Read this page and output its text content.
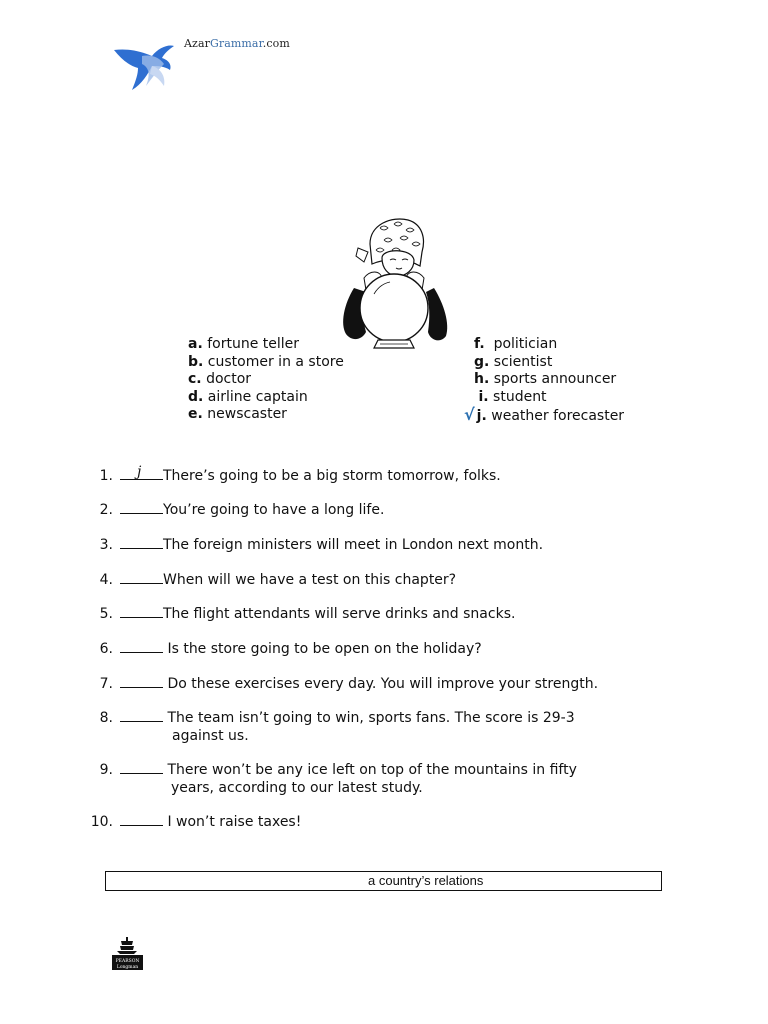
AzarGrammar.com
a. fortune teller
b. customer in a store
c. doctor
d. airline captain
e. newscaster
f. politician
g. scientist
h. sports announcer
i. student
√ j. weather forecaster
1. j There’s going to be a big storm tomorrow, folks.
2.	You’re going to have a long life.
3.	The foreign ministers will meet in London next month.
4.	When will we have a test on this chapter?
5.	The flight attendants will serve drinks and snacks.
6.	Is the store going to be open on the holiday?
7.	Do these exercises every day. You will improve your strength.
8.	The team isn’t going to win, sports fans. The score is 29-3
against us.
9.	There won’t be any ice left on top of the mountains in fifty
years, according to our latest study.
10.	I won’t raise taxes!
a country’s relations
PEARSON
Longman
